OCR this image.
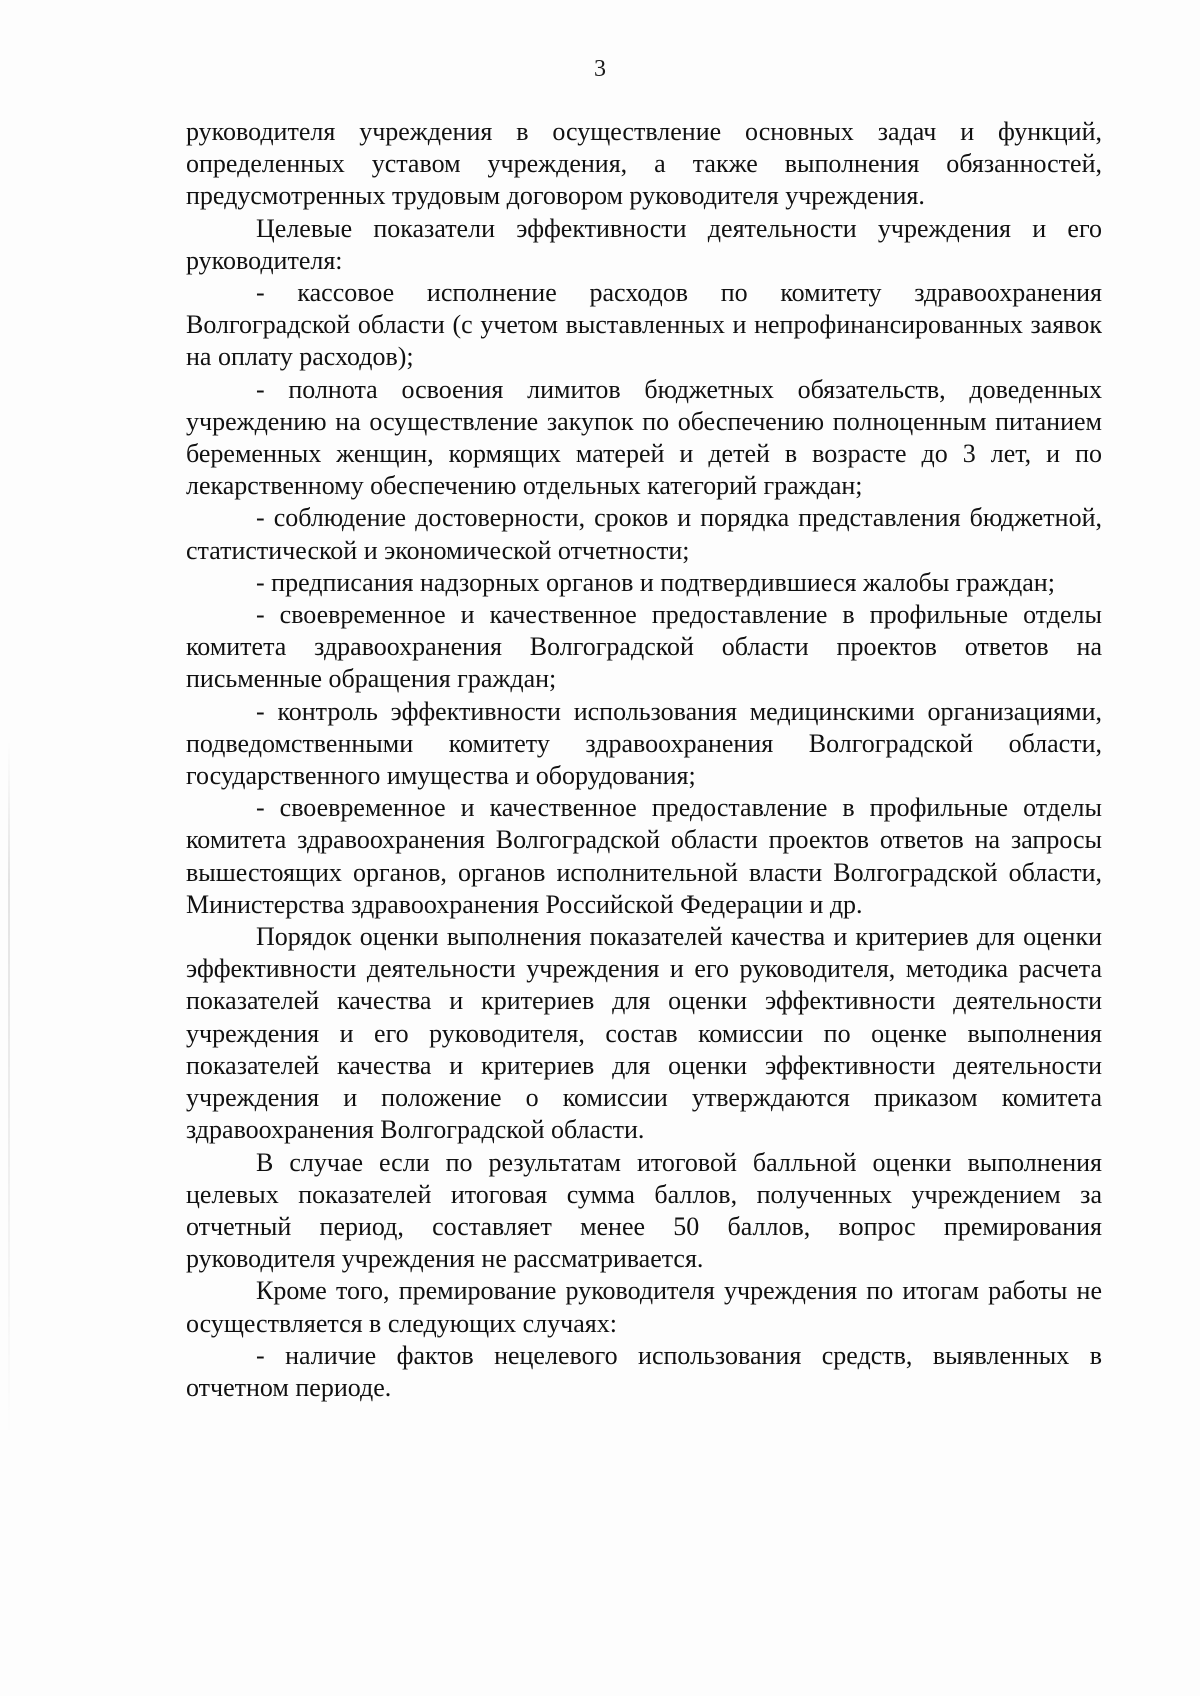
3

руководителя учреждения в осуществление основных задач и функций, определенных уставом учреждения, а также выполнения обязанностей, предусмотренных трудовым договором руководителя учреждения.

Целевые показатели эффективности деятельности учреждения и его руководителя:

- кассовое исполнение расходов по комитету здравоохранения Волгоградской области (с учетом выставленных и непрофинансированных заявок на оплату расходов);

- полнота освоения лимитов бюджетных обязательств, доведенных учреждению на осуществление закупок по обеспечению полноценным питанием беременных женщин, кормящих матерей и детей в возрасте до 3 лет, и по лекарственному обеспечению отдельных категорий граждан;

- соблюдение достоверности, сроков и порядка представления бюджетной, статистической и экономической отчетности;

- предписания надзорных органов и подтвердившиеся жалобы граждан;

- своевременное и качественное предоставление в профильные отделы комитета здравоохранения Волгоградской области проектов ответов на письменные обращения граждан;

- контроль эффективности использования медицинскими организациями, подведомственными комитету здравоохранения Волгоградской области, государственного имущества и оборудования;

- своевременное и качественное предоставление в профильные отделы комитета здравоохранения Волгоградской области проектов ответов на запросы вышестоящих органов, органов исполнительной власти Волгоградской области, Министерства здравоохранения Российской Федерации и др.

Порядок оценки выполнения показателей качества и критериев для оценки эффективности деятельности учреждения и его руководителя, методика расчета показателей качества и критериев для оценки эффективности деятельности учреждения и его руководителя, состав комиссии по оценке выполнения показателей качества и критериев для оценки эффективности деятельности учреждения и положение о комиссии утверждаются приказом комитета здравоохранения Волгоградской области.

В случае если по результатам итоговой балльной оценки выполнения целевых показателей итоговая сумма баллов, полученных учреждением за отчетный период, составляет менее 50 баллов, вопрос премирования руководителя учреждения не рассматривается.

Кроме того, премирование руководителя учреждения по итогам работы не осуществляется в следующих случаях:

- наличие фактов нецелевого использования средств, выявленных в отчетном периоде.
